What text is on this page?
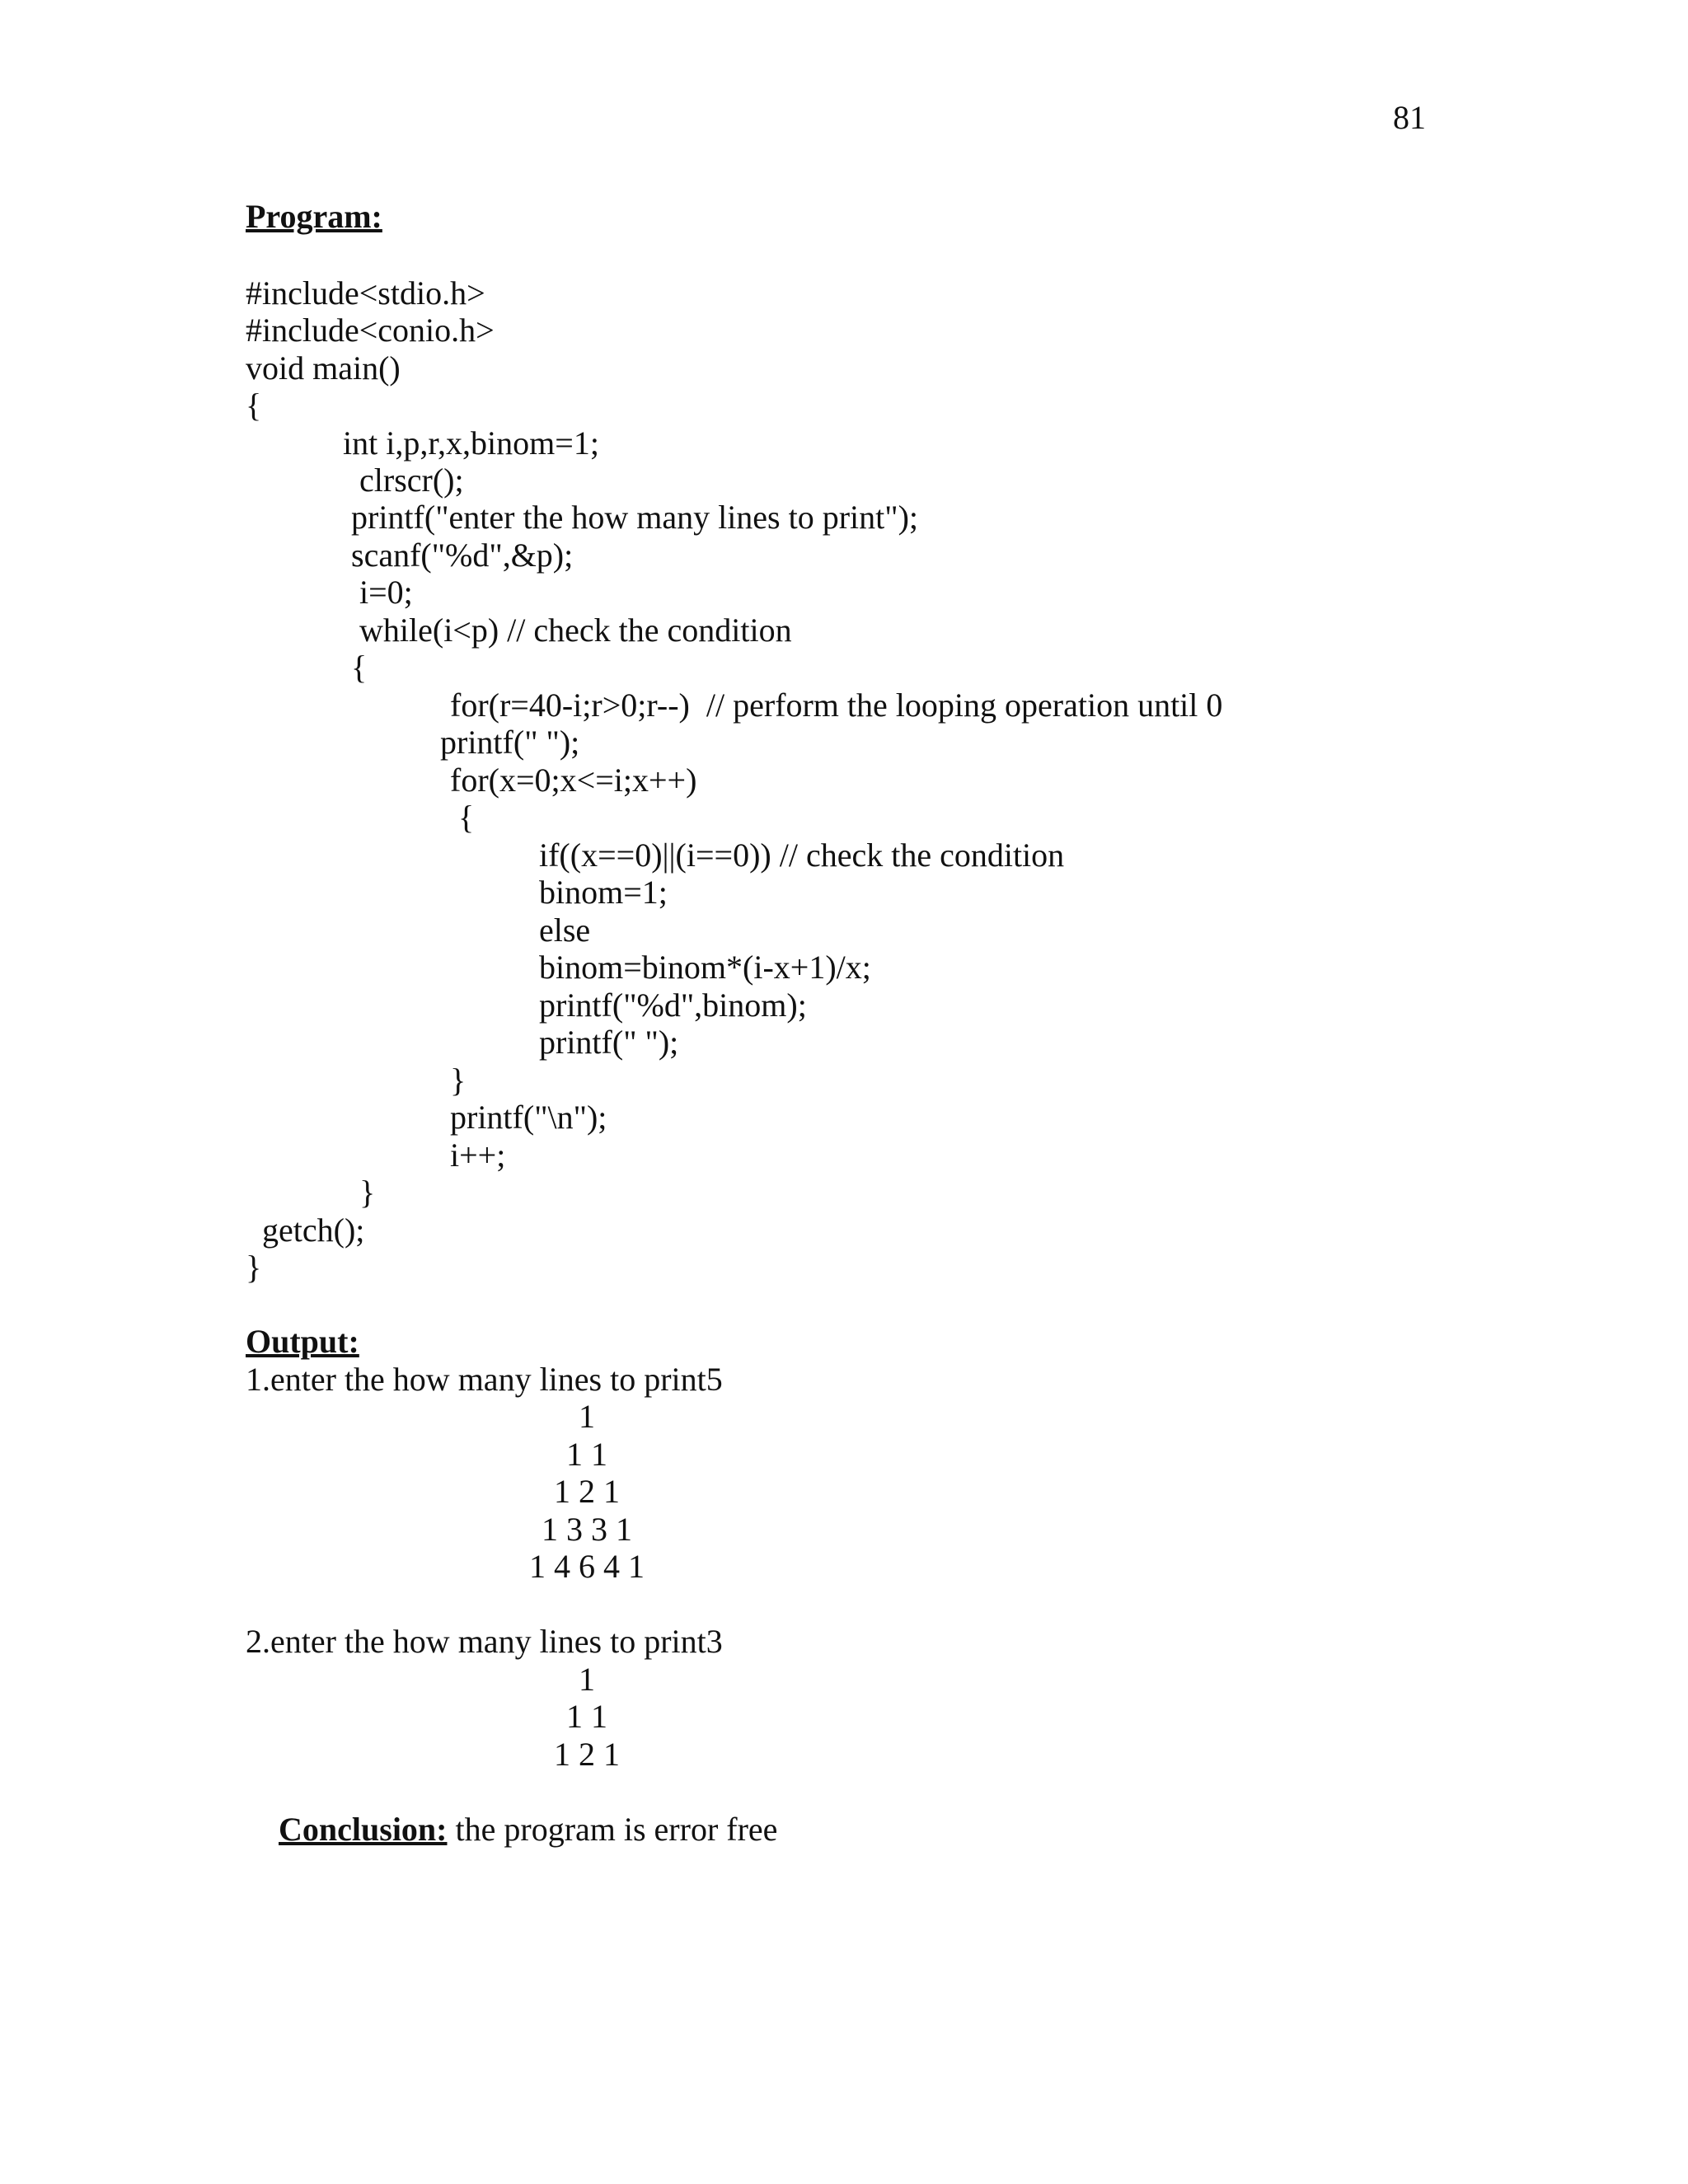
81
Program:
#include<stdio.h>
#include<conio.h>
void main()
{
int i,p,r,x,binom=1;
clrscr();
printf("enter the how many lines to print");
scanf("%d",&p);
i=0;
while(i<p) // check the condition
{
for(r=40-i;r>0;r--)  // perform the looping operation until 0
printf(" ");
for(x=0;x<=i;x++)
{
if((x==0)||(i==0)) // check the condition
binom=1;
else
binom=binom*(i-x+1)/x;
printf("%d",binom);
printf(" ");
}
printf("\n");
i++;
}
getch();
}
Output:
1.enter the how many lines to print5
1
1 1
1 2 1
1 3 3 1
1 4 6 4 1
2.enter the how many lines to print3
1
1 1
1 2 1

Conclusion: the program is error free
